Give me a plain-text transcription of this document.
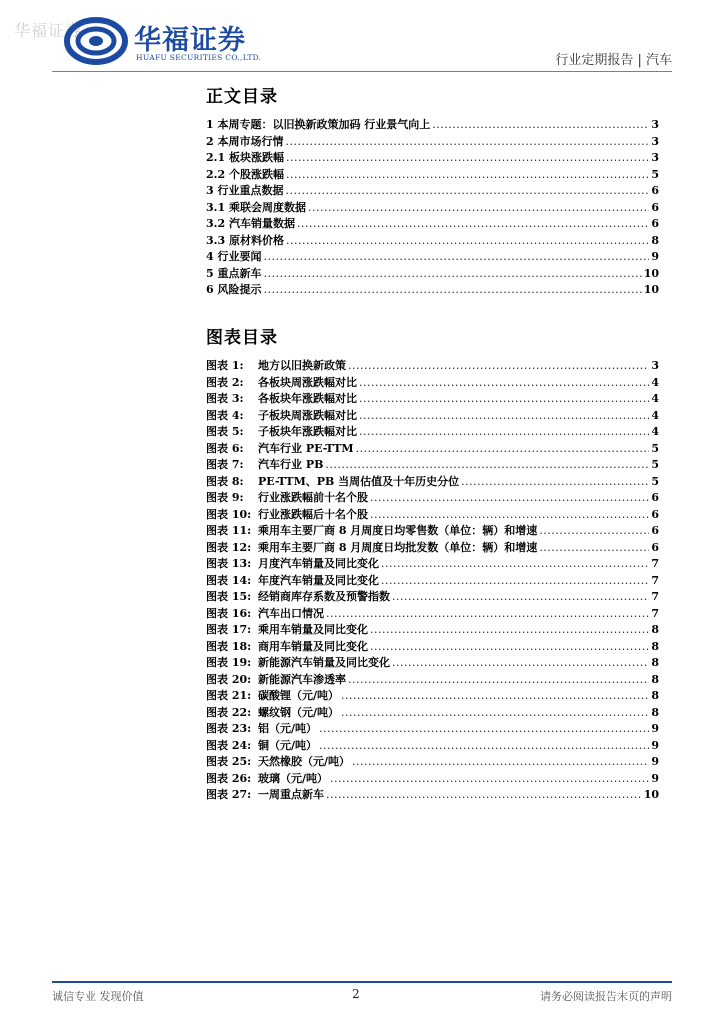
华福证券 华福证券
HUAFU SECURITIES CO.,LTD.	行业定期报告 | 汽车
正文目录
1 本周专题：以旧换新政策加码 行业景气向上 .....	3
2 本周市场行情 .....	3
2.1 板块涨跌幅 .....	3
2.2 个股涨跌幅 .....	5
3 行业重点数据 .....	6
3.1 乘联会周度数据 .....	6
3.2 汽车销量数据 .....	6
3.3 原材料价格 .....	8
4 行业要闻 .....	9
5 重点新车 .....	10
6 风险提示 .....	10
图表目录
图表 1: 地方以旧换新政策 .....	3
图表 2: 各板块周涨跌幅对比 .....	4
图表 3: 各板块年涨跌幅对比 .....	4
图表 4: 子板块周涨跌幅对比 .....	4
图表 5: 子板块年涨跌幅对比 .....	4
图表 6: 汽车行业 PE-TTM .....	5
图表 7: 汽车行业 PB .....	5
图表 8: PE-TTM、PB 当周估值及十年历史分位 .....	5
图表 9: 行业涨跌幅前十名个股 .....	6
图表 10: 行业涨跌幅后十名个股 .....	6
图表 11: 乘用车主要厂商 8 月周度日均零售数（单位：辆）和增速 .....	6
图表 12: 乘用车主要厂商 8 月周度日均批发数（单位：辆）和增速 .....	6
图表 13: 月度汽车销量及同比变化 .....	7
图表 14: 年度汽车销量及同比变化 .....	7
图表 15: 经销商库存系数及预警指数 .....	7
图表 16: 汽车出口情况 .....	7
图表 17: 乘用车销量及同比变化 .....	8
图表 18: 商用车销量及同比变化 .....	8
图表 19: 新能源汽车销量及同比变化 .....	8
图表 20: 新能源汽车渗透率 .....	8
图表 21: 碳酸锂（元/吨） .....	8
图表 22: 螺纹钢（元/吨） .....	8
图表 23: 铝（元/吨） .....	9
图表 24: 铜（元/吨） .....	9
图表 25: 天然橡胶（元/吨） .....	9
图表 26: 玻璃（元/吨） .....	9
图表 27: 一周重点新车 .....	10
诚信专业 发现价值	2	请务必阅读报告末页的声明
